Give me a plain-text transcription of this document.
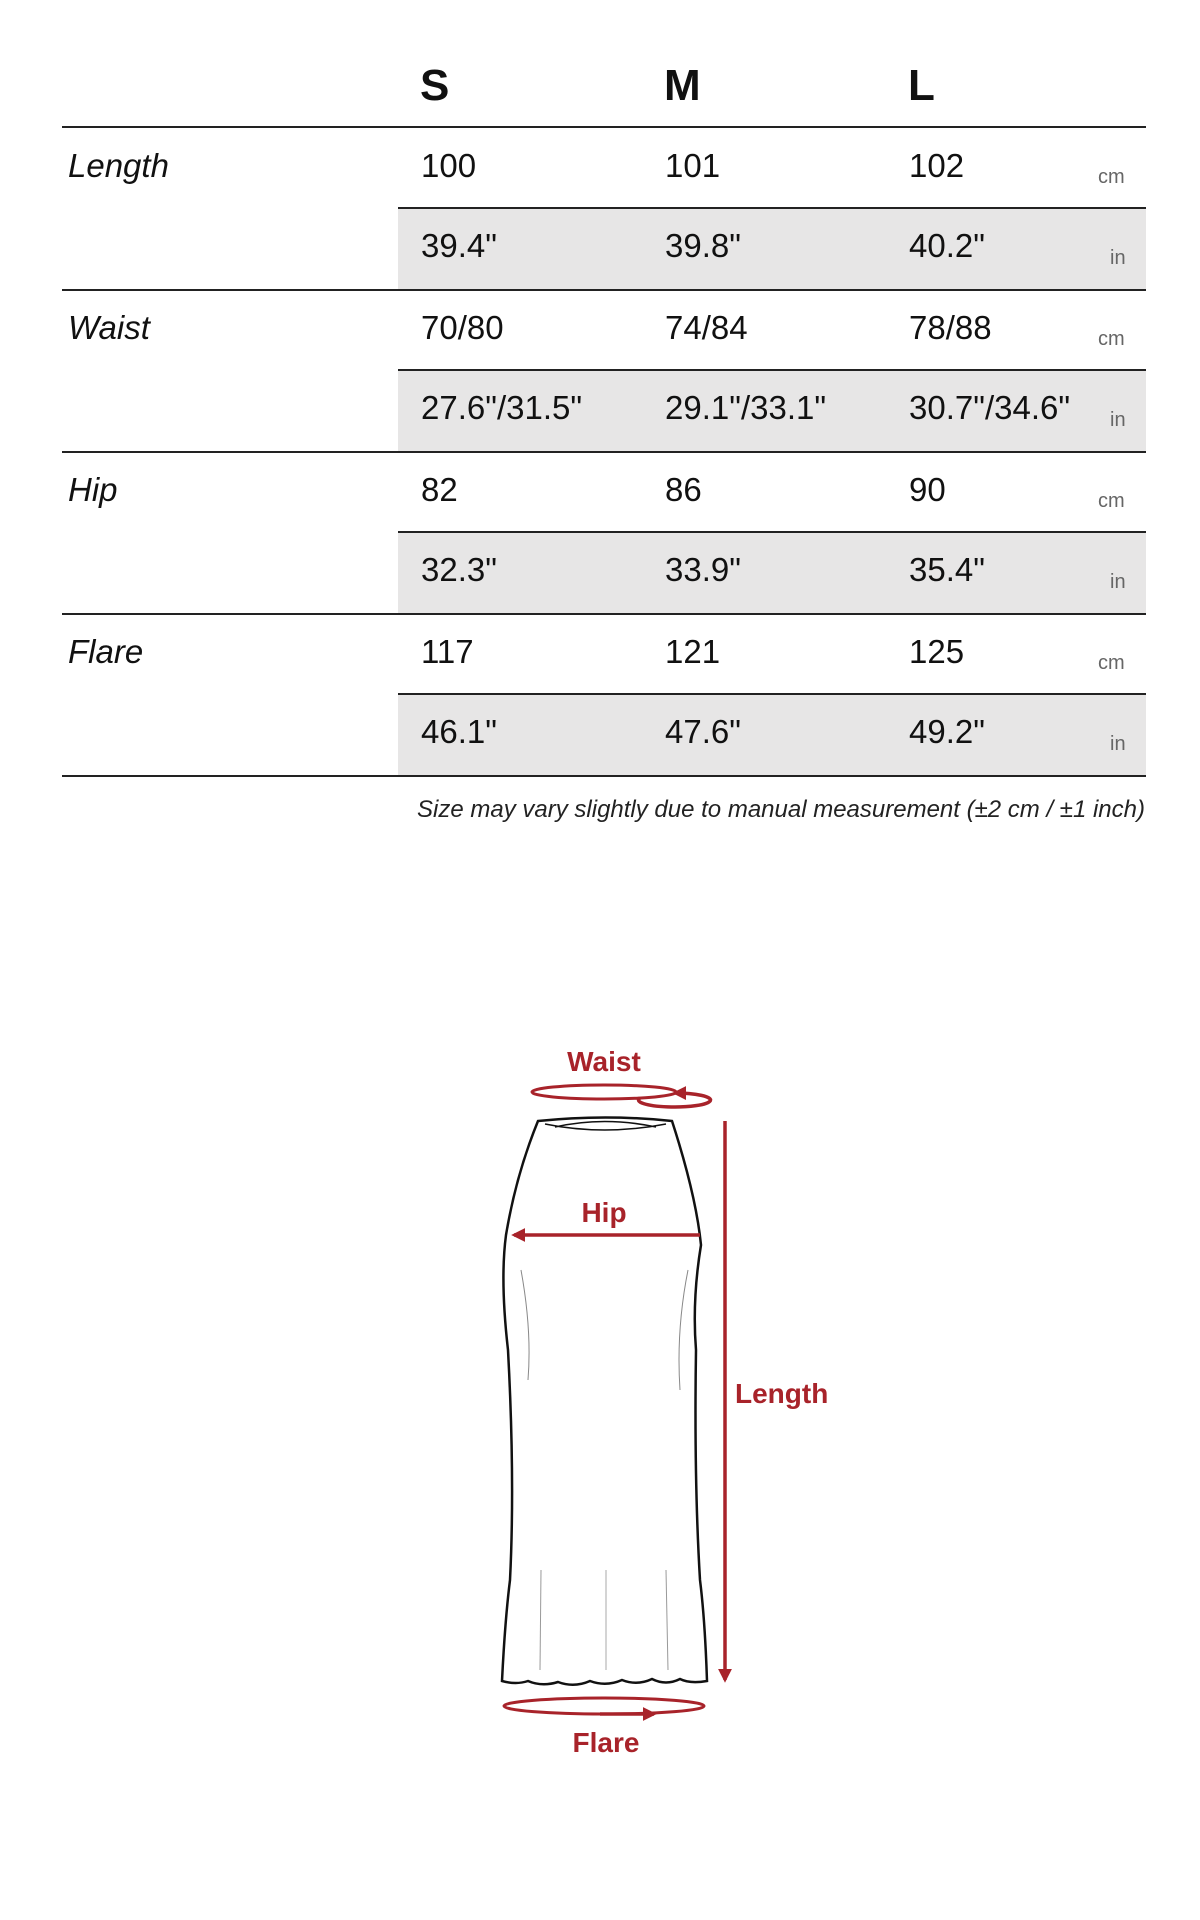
S	M	L
Length	100	101	102	cm
39.4"	39.8"	40.2"	in
Waist	70/80	74/84	78/88	cm
27.6"/31.5"	29.1"/33.1"	30.7"/34.6" in
Hip	82	86	90	cm
32.3"	33.9"	35.4"	in
Flare	117	121	125	cm
46.1"	47.6"	49.2"	in
Size may vary slightly due to manual measurement (±2 cm / ±1 inch)
Waist
Hip
Length
Flare
